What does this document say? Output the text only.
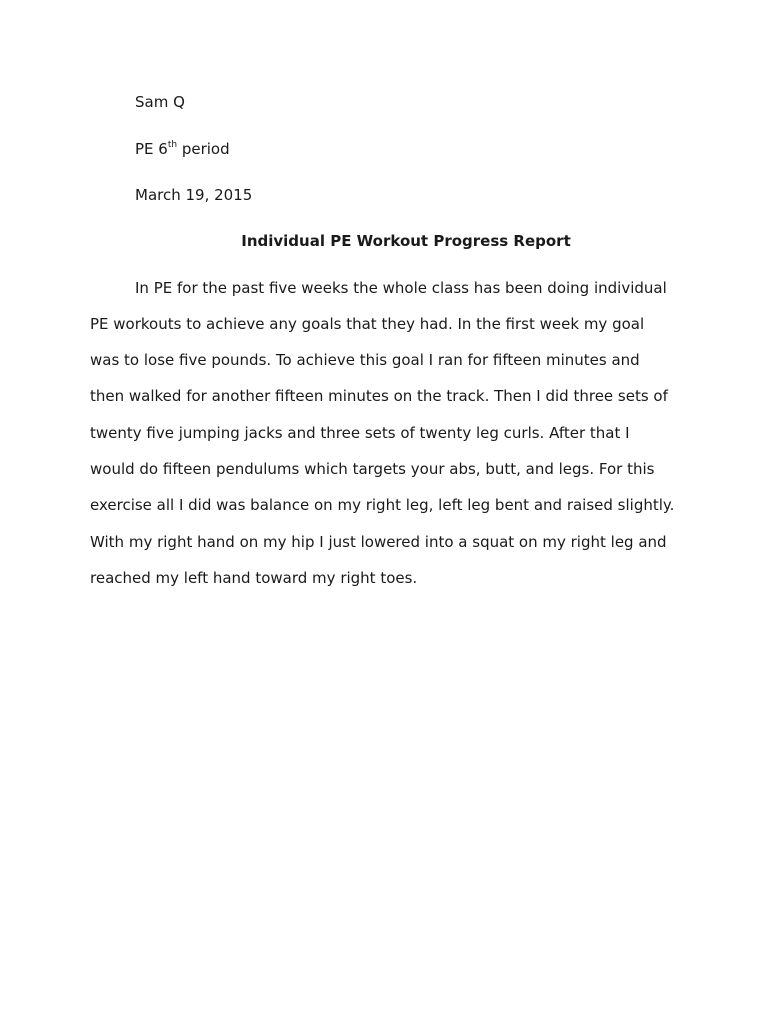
Sam Q
PE 6th period
March 19, 2015
Individual PE Workout Progress Report
In PE for the past five weeks the whole class has been doing individual
PE workouts to achieve any goals that they had. In the first week my goal
was to lose five pounds. To achieve this goal I ran for fifteen minutes and
then walked for another fifteen minutes on the track. Then I did three sets of
twenty five jumping jacks and three sets of twenty leg curls. After that I
would do fifteen pendulums which targets your abs, butt, and legs. For this
exercise all I did was balance on my right leg, left leg bent and raised slightly.
With my right hand on my hip I just lowered into a squat on my right leg and
reached my left hand toward my right toes.
